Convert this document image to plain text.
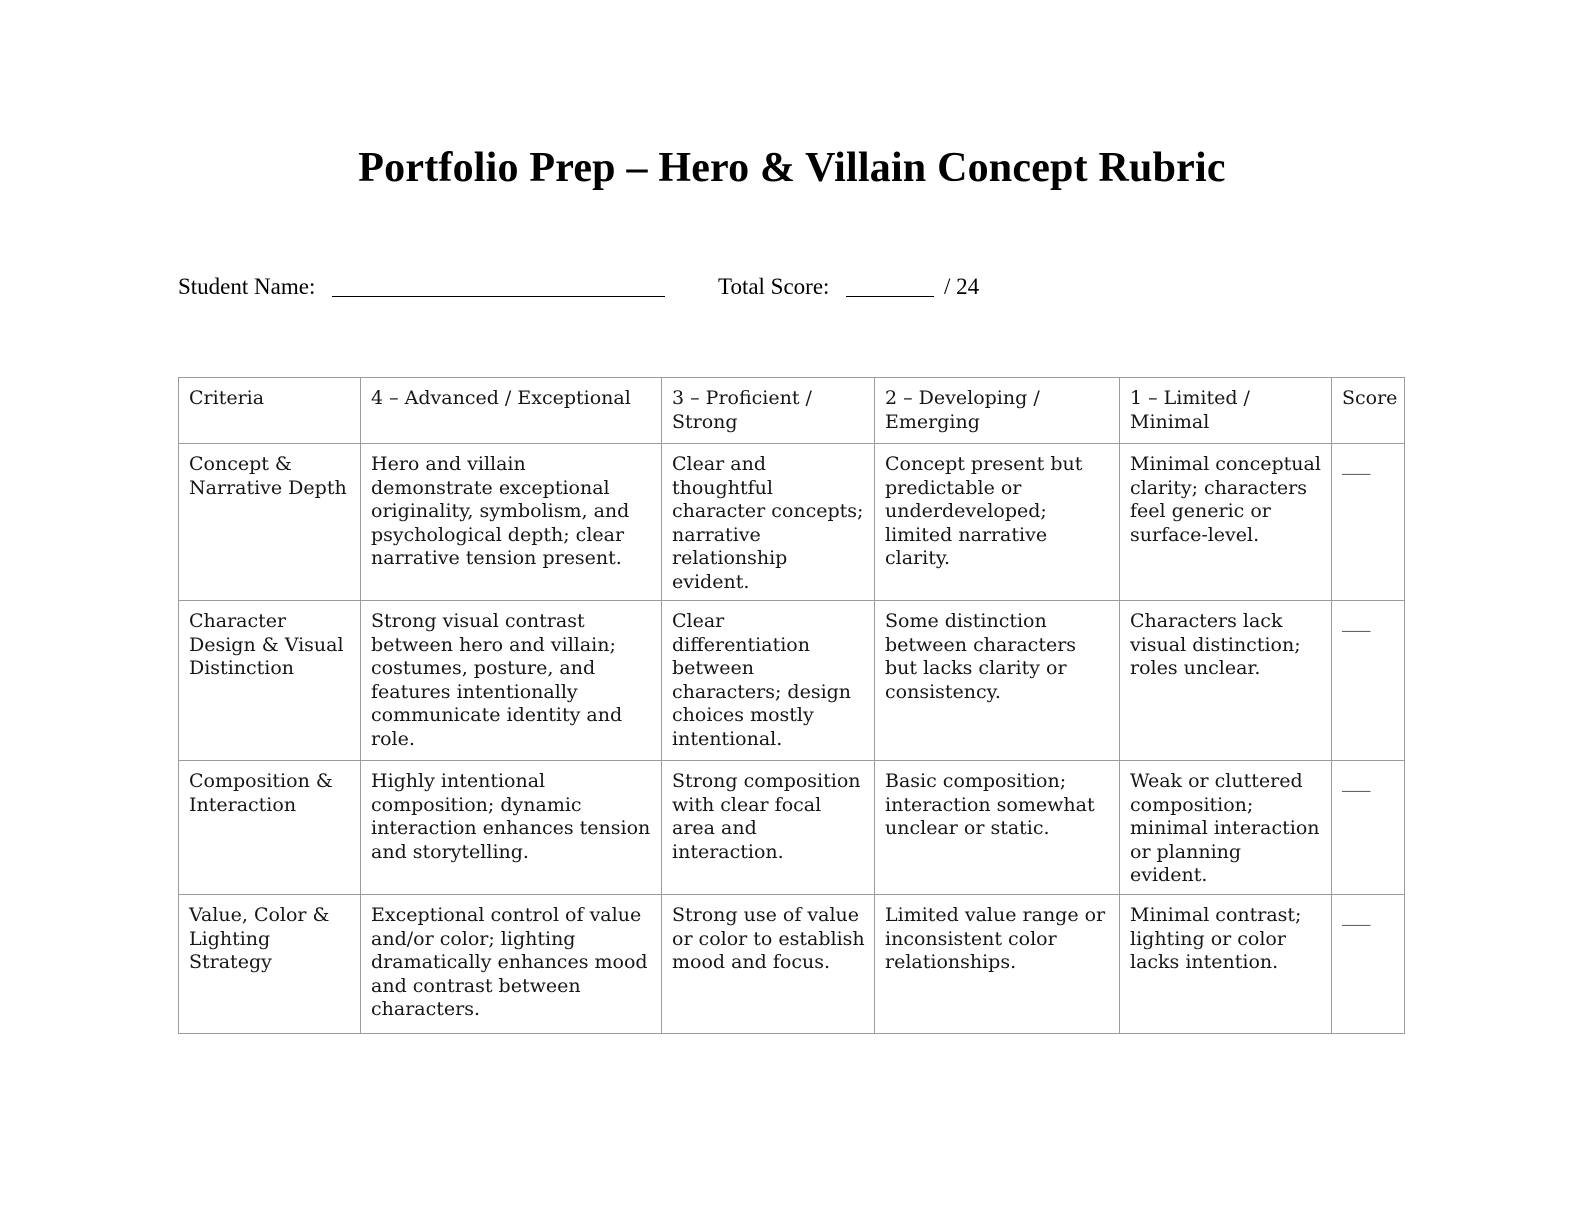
Portfolio Prep – Hero & Villain Concept Rubric
Student Name:	Total Score:	/ 24
Criteria	4 – Advanced / Exceptional	3 – Proficient / Strong	2 – Developing / Emerging	1 – Limited / Minimal	Score
Concept & Narrative Depth	Hero and villain demonstrate exceptional originality, symbolism, and psychological depth; clear narrative tension present.	Clear and thoughtful character concepts; narrative relationship evident.	Concept present but predictable or underdeveloped; limited narrative clarity.	Minimal conceptual clarity; characters feel generic or surface-level.	___
Character Design & Visual Distinction	Strong visual contrast between hero and villain; costumes, posture, and features intentionally communicate identity and role.	Clear differentiation between characters; design choices mostly intentional.	Some distinction between characters but lacks clarity or consistency.	Characters lack visual distinction; roles unclear.	___
Composition & Interaction	Highly intentional composition; dynamic interaction enhances tension and storytelling.	Strong composition with clear focal area and interaction.	Basic composition; interaction somewhat unclear or static.	Weak or cluttered composition; minimal interaction or planning evident.	___
Value, Color & Lighting Strategy	Exceptional control of value and/or color; lighting dramatically enhances mood and contrast between characters.	Strong use of value or color to establish mood and focus.	Limited value range or inconsistent color relationships.	Minimal contrast; lighting or color lacks intention.	___
